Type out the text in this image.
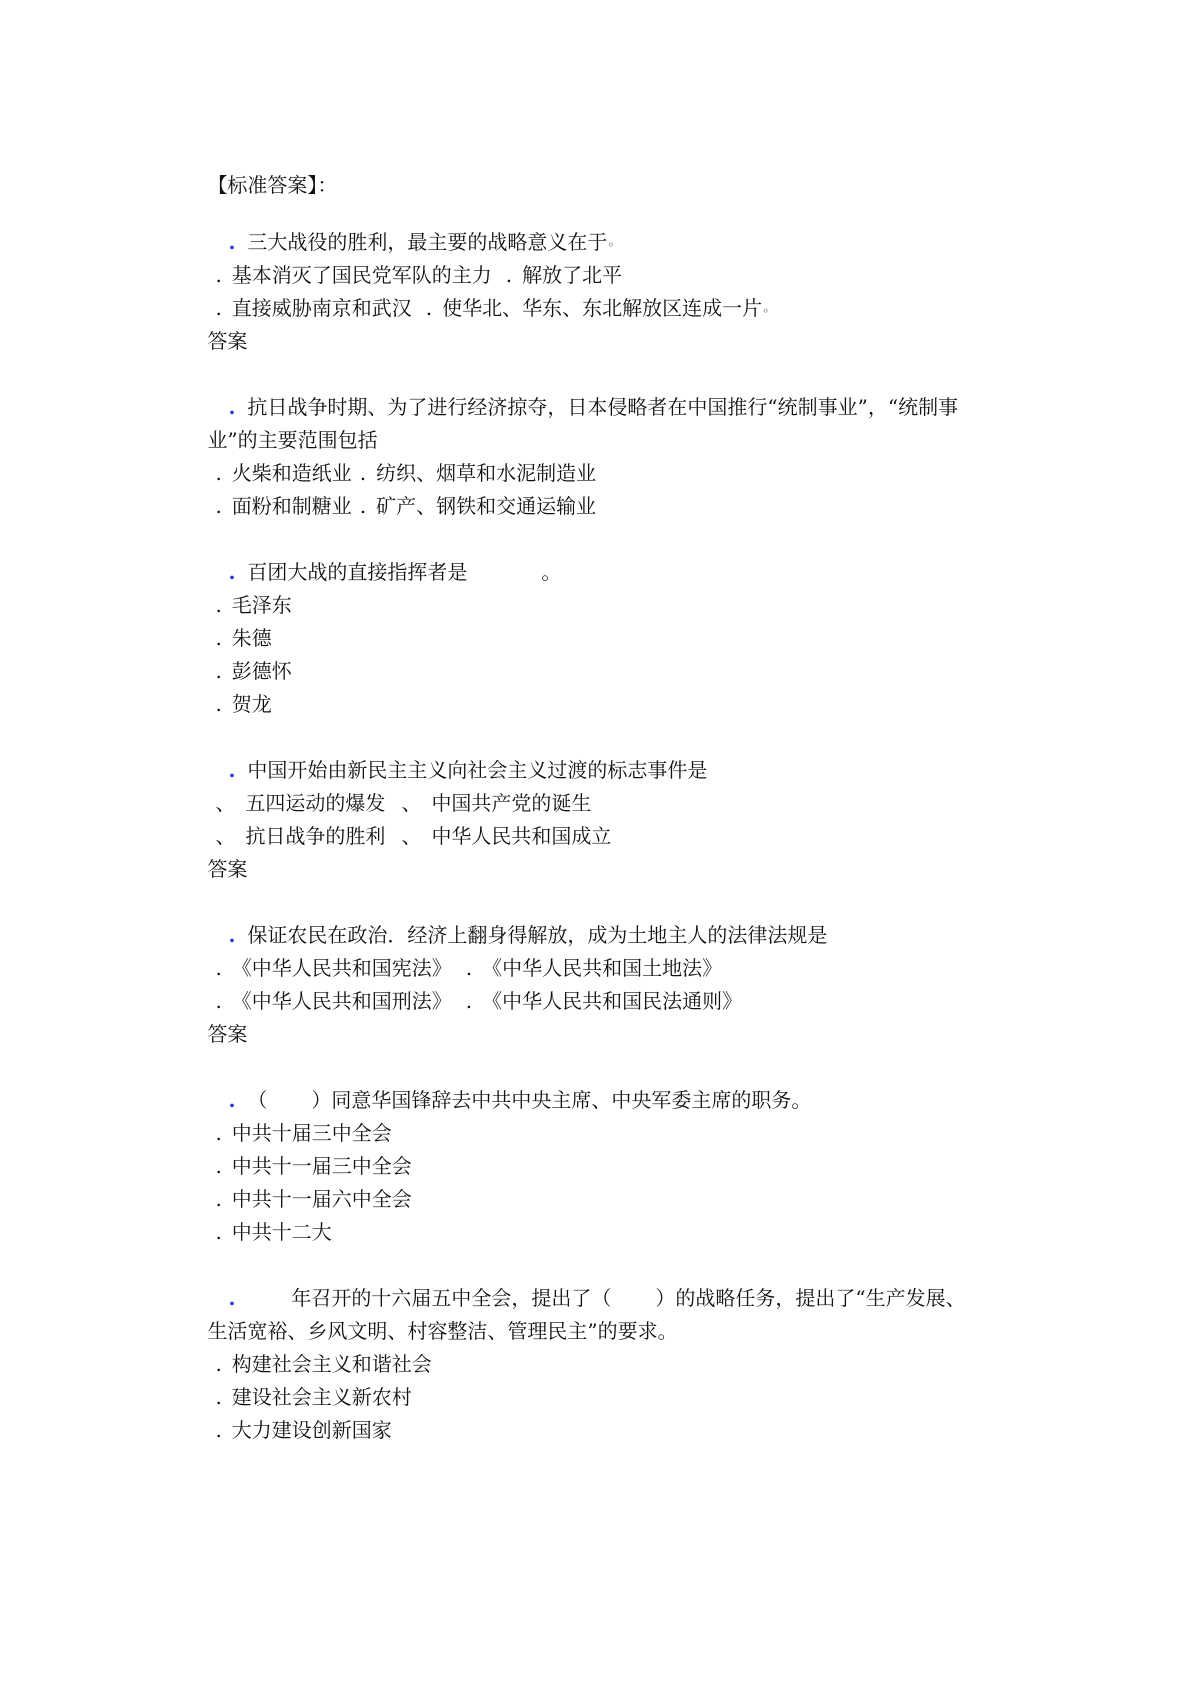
【标准答案】：

. 三大战役的胜利，最主要的战略意义在于◦

. 基本消灭了国民党军队的主力 . 解放了北平

. 直接威胁南京和武汉 . 使华北、华东、东北解放区连成一片◦

答案

. 抗日战争时期、为了进行经济掠夺，日本侵略者在中国推行“统制事业”，“统制事

业”的主要范围包括

. 火柴和造纸业 . 纺织、烟草和水泥制造业

. 面粉和制糖业 . 矿产、钢铁和交通运输业

. 百团大战的直接指挥者是	。

. 毛泽东

. 朱德

. 彭德怀

. 贺龙

. 中国开始由新民主主义向社会主义过渡的标志事件是

、 五四运动的爆发 、 中国共产党的诞生

、 抗日战争的胜利 、 中华人民共和国成立

答案

. 保证农民在政治．经济上翻身得解放，成为土地主人的法律法规是

. 《中华人民共和国宪法》 . 《中华人民共和国土地法》

. 《中华人民共和国刑法》 . 《中华人民共和国民法通则》

答案

. （ ）同意华国锋辞去中共中央主席、中央军委主席的职务。

. 中共十届三中全会

. 中共十一届三中全会

. 中共十一届六中全会

. 中共十二大

.	年召开的十六届五中全会，提出了（ ）的战略任务，提出了“生产发展、

生活宽裕、乡风文明、村容整洁、管理民主”的要求。

. 构建社会主义和谐社会

. 建设社会主义新农村

. 大力建设创新国家
